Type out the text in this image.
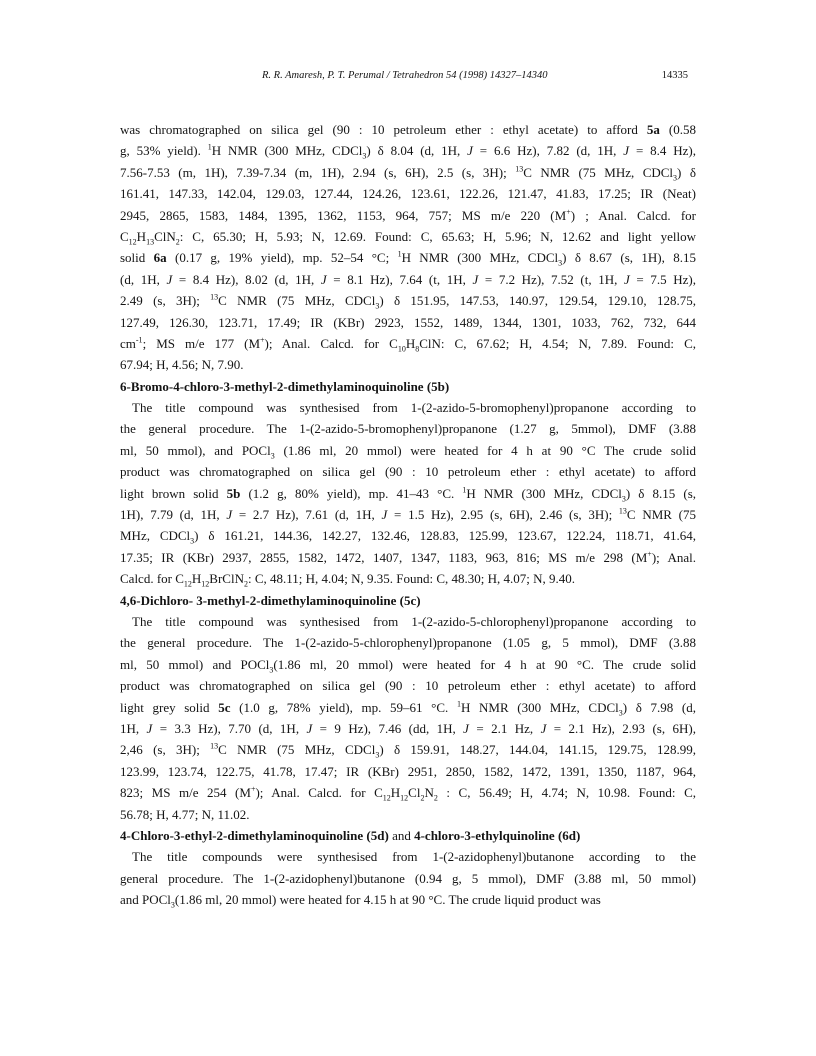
R. R. Amaresh, P. T. Perumal / Tetrahedron 54 (1998) 14327–14340	14335
was chromatographed on silica gel (90 : 10 petroleum ether : ethyl acetate) to afford 5a (0.58
g, 53% yield). $^1$H NMR (300 MHz, CDCl$_3$) δ 8.04 (d, 1H, J = 6.6 Hz), 7.82 (d, 1H, J = 8.4 Hz),
7.56-7.53 (m, 1H), 7.39-7.34 (m, 1H), 2.94 (s, 6H), 2.5 (s, 3H); $^{13}$C NMR (75 MHz, CDCl$_3$) δ
161.41, 147.33, 142.04, 129.03, 127.44, 124.26, 123.61, 122.26, 121.47, 41.83, 17.25; IR (Neat)
2945, 2865, 1583, 1484, 1395, 1362, 1153, 964, 757; MS m/e 220 (M+) ; Anal. Calcd. for
$C_{12}H_{13}ClN_2$: C, 65.30; H, 5.93; N, 12.69. Found: C, 65.63; H, 5.96; N, 12.62 and light yellow
solid 6a (0.17 g, 19% yield), mp. 52–54 °C; $^1$H NMR (300 MHz, CDCl$_3$) δ 8.67 (s, 1H), 8.15
(d, 1H, J = 8.4 Hz), 8.02 (d, 1H, J = 8.1 Hz), 7.64 (t, 1H, J = 7.2 Hz), 7.52 (t, 1H, J = 7.5 Hz),
2.49 (s, 3H); $^{13}$C NMR (75 MHz, CDCl$_3$) δ 151.95, 147.53, 140.97, 129.54, 129.10, 128.75,
127.49, 126.30, 123.71, 17.49; IR (KBr) 2923, 1552, 1489, 1344, 1301, 1033, 762, 732, 644
$cm^{-1}$; MS m/e 177 (M+); Anal. Calcd. for $C_{10}H_8ClN$: C, 67.62; H, 4.54; N, 7.89. Found: C,
67.94; H, 4.56; N, 7.90.
6-Bromo-4-chloro-3-methyl-2-dimethylaminoquinoline (5b)
The title compound was synthesised from 1-(2-azido-5-bromophenyl)propanone according to
the general procedure. The 1-(2-azido-5-bromophenyl)propanone (1.27 g, 5mmol), DMF (3.88
ml, 50 mmol), and POCl$_3$ (1.86 ml, 20 mmol) were heated for 4 h at 90 °C The crude solid
product was chromatographed on silica gel (90 : 10 petroleum ether : ethyl acetate) to afford
light brown solid 5b (1.2 g, 80% yield), mp. 41–43 °C. $^1$H NMR (300 MHz, CDCl$_3$) δ 8.15 (s,
1H), 7.79 (d, 1H, J = 2.7 Hz), 7.61 (d, 1H, J = 1.5 Hz), 2.95 (s, 6H), 2.46 (s, 3H); $^{13}$C NMR (75
MHz, CDCl$_3$) δ 161.21, 144.36, 142.27, 132.46, 128.83, 125.99, 123.67, 122.24, 118.71, 41.64,
17.35; IR (KBr) 2937, 2855, 1582, 1472, 1407, 1347, 1183, 963, 816; MS m/e 298 (M+); Anal.
Calcd. for $C_{12}H_{12}BrClN_2$: C, 48.11; H, 4.04; N, 9.35. Found: C, 48.30; H, 4.07; N, 9.40.
4,6-Dichloro- 3-methyl-2-dimethylaminoquinoline (5c)
The title compound was synthesised from 1-(2-azido-5-chlorophenyl)propanone according to
the general procedure. The 1-(2-azido-5-chlorophenyl)propanone (1.05 g, 5 mmol), DMF (3.88
ml, 50 mmol) and POCl$_3$(1.86 ml, 20 mmol) were heated for 4 h at 90 °C. The crude solid
product was chromatographed on silica gel (90 : 10 petroleum ether : ethyl acetate) to afford
light grey solid 5c (1.0 g, 78% yield), mp. 59–61 °C. $^1$H NMR (300 MHz, CDCl$_3$) δ 7.98 (d,
1H, J = 3.3 Hz), 7.70 (d, 1H, J = 9 Hz), 7.46 (dd, 1H, J = 2.1 Hz, J = 2.1 Hz), 2.93 (s, 6H),
2,46 (s, 3H); $^{13}$C NMR (75 MHz, CDCl$_3$) δ 159.91, 148.27, 144.04, 141.15, 129.75, 128.99,
123.99, 123.74, 122.75, 41.78, 17.47; IR (KBr) 2951, 2850, 1582, 1472, 1391, 1350, 1187, 964,
823; MS m/e 254 (M+); Anal. Calcd. for $C_{12}H_{12}Cl_2N_2$ : C, 56.49; H, 4.74; N, 10.98. Found: C,
56.78; H, 4.77; N, 11.02.
4-Chloro-3-ethyl-2-dimethylaminoquinoline (5d) and 4-chloro-3-ethylquinoline (6d)
The title compounds were synthesised from 1-(2-azidophenyl)butanone according to the
general procedure. The 1-(2-azidophenyl)butanone (0.94 g, 5 mmol), DMF (3.88 ml, 50 mmol)
and POCl$_3$(1.86 ml, 20 mmol) were heated for 4.15 h at 90 °C. The crude liquid product was
